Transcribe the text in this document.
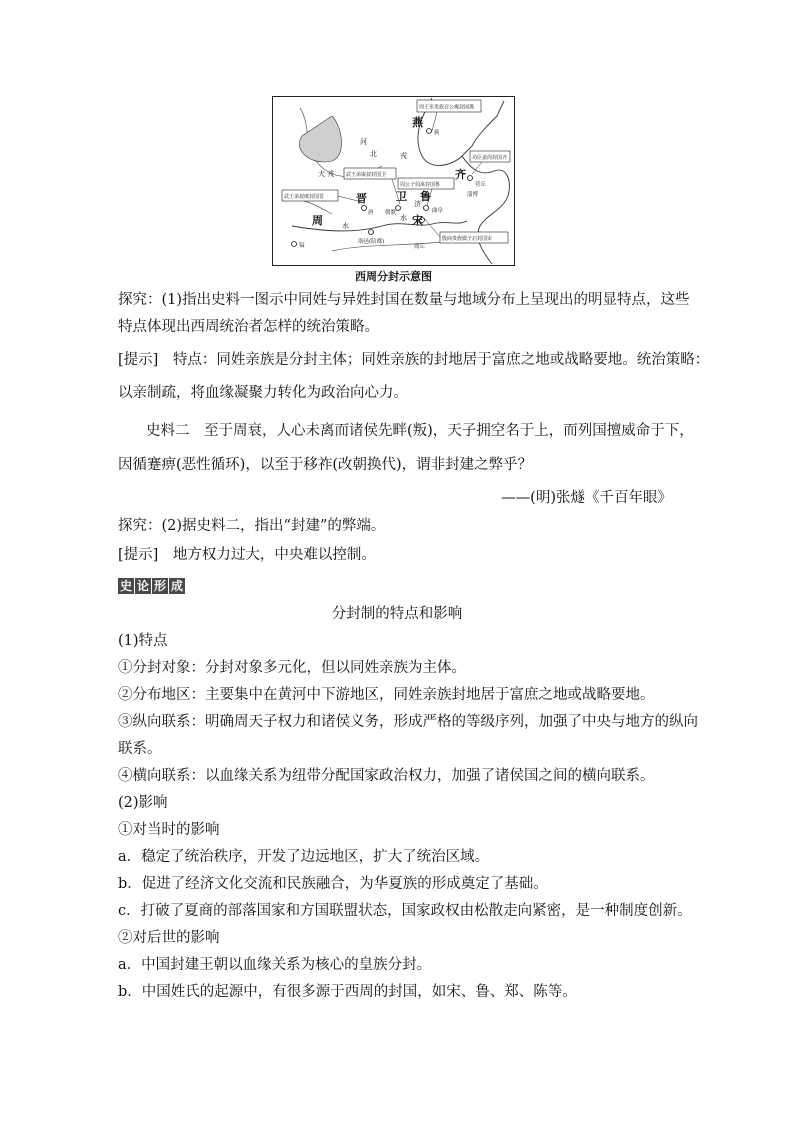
周王室贵族召公奭封国燕
功臣姜尚封国齐
武王弟康叔封国卫
周公子伯禽封国鲁
武王弟叔虞封国晋
殷商贵族微子启封国宋
燕
蓟
河
北	戎
犬 戎	齐
营丘
淄博
晋
唐
卫
朝歌
济
鲁
曲阜
周	水
镐
洛邑(陪都)
宋
商丘
水
西周分封示意图
探究：(1)指出史料一图示中同姓与异姓封国在数量与地域分布上呈现出的明显特点，这些
特点体现出西周统治者怎样的统治策略。
[提示]　特点：同姓亲族是分封主体；同姓亲族的封地居于富庶之地或战略要地。统治策略：
以亲制疏，将血缘凝聚力转化为政治向心力。
史料二　至于周衰，人心未离而诸侯先畔(叛)，天子拥空名于上，而列国擅威命于下，
因循蹇痹(恶性循环)，以至于移祚(改朝换代)，谓非封建之弊乎？
——(明)张燧《千百年眼》
探究：(2)据史料二，指出“封建”的弊端。
[提示]　地方权力过大，中央难以控制。
史 论 形 成
分封制的特点和影响
(1)特点
①分封对象：分封对象多元化，但以同姓亲族为主体。
②分布地区：主要集中在黄河中下游地区，同姓亲族封地居于富庶之地或战略要地。
③纵向联系：明确周天子权力和诸侯义务，形成严格的等级序列，加强了中央与地方的纵向
联系。
④横向联系：以血缘关系为纽带分配国家政治权力，加强了诸侯国之间的横向联系。
(2)影响
①对当时的影响
a．稳定了统治秩序，开发了边远地区，扩大了统治区域。
b．促进了经济文化交流和民族融合，为华夏族的形成奠定了基础。
c．打破了夏商的部落国家和方国联盟状态，国家政权由松散走向紧密，是一种制度创新。
②对后世的影响
a．中国封建王朝以血缘关系为核心的皇族分封。
b．中国姓氏的起源中，有很多源于西周的封国，如宋、鲁、郑、陈等。
